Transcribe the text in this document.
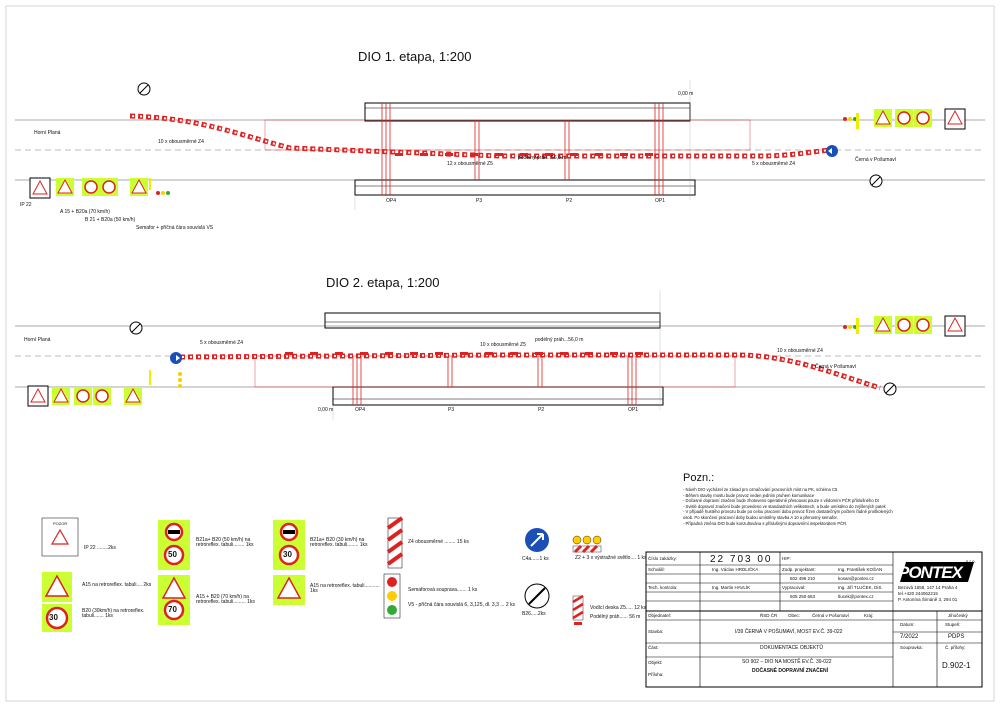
DIO 1. etapa, 1:200
Horní Planá
Černá v Pošumaví
10 x obousměrné Z4
12 x obousměrné Z5	5 x obousměrné Z4
podélný práh...56,0 m
OP4	P3	P2	OP1
A 15 + B20a (70 km/h)
B 21 + B20a (50 km/h)
IP 22
Semafor + příčná čára souvislá VS
0,00 m
DIO 2. etapa, 1:200
Horní Planá
Černá v Pošumaví
5 x obousměrné Z4	10 x obousměrné Z5
10 x obousměrné Z4
podélný práh...56,0 m
OP4	P3	P2	OP1
0,00 m
POZOR
IP 22 ........2ks
A15 na retroreflex. tabuli.... 2ks
B20 (30km/h) na retroreflex. tabuli....... 1ks
B21a+ B20 (50 km/h) na retroreflex. tabuli........ 1ks
A15 + B20 (70 km/h) na retroreflex. tabuli......... 1ks
B21a+ B20 (30 km/h) na retroreflex. tabuli........ 1ks
A15 na retroreflex. tabuli........... 1ks
Z4 obousměrné ........ 15 ks
Semaforová souprava....... 1 ks
V5 - příčná čára souvislá 6, 3,125, dl. 3,3 ... 2 ks
C4a......1 ks
B26.....2ks
Z2 + 3 x výstražné světlo.... 1 ks
Vodící deska Z5..... 12 ks
Podélný práh...... 56 m
30
50
70
30
Pozn.:
- Návrh DIO vycházel ze zásad pro označování pracovních míst na PK, schéma C5
- Během stavby mostu bude provoz veden jedním pruhem komunikace
- Dočasné dopravní značení bude zhotoveno operativně přesouvat pouze s vědomím PČR příslušného DI
- Svislé dopravní značení bude provedeno ve standardních velikostech, a bude umístěno do zvýšených patek
- V případě hustého provozu bude po celou pracovní dobu provoz řízen dostatečným počtem řádně proškolených
osob. Po skončení pracovní doby budou umístěny stavba A 10 a přenosný semafor.
- Případná změna DIO bude konzultována s příslušnými dopravními inspektorátem PČR.
Číslo zakázky:	22 703 00 HIP:
Schválil:	Ing. Václav HRDLIČKA	Zodp. projektant:	Ing. František KOŠAN
602 496 210	kosan@pontex.cz
Tech. kontrola:	Ing. Martin HAVLÍK	Vypracoval:	Ing. Jiří TLUČEK, DiS.
605 250 653	tlucek@pontex.cz
PONTEX
s.r.o.
Bezová 1658, 147 14 Praha 4
tel.+420 244062215
P. Antonína Šimáně 3, 294 01
Objednatel:	ŘSD ČR Obec:	Černá v Pošumaví	Kraj:	Jihočeský
Stavba:	I/39 ČERNÁ V POŠUMAVÍ, MOST EV.Č. 39-022
Část:	DOKUMENTACE OBJEKTŮ
Objekt:	SO 902 – DIO NA MOSTĚ EV.Č. 39-022
Příloha:
DOČASNÉ DOPRAVNÍ ZNAČENÍ
Datum:
7/2022
Stupeň:
PDPS
Soupravka:	Č. přílohy:
D.902-1
